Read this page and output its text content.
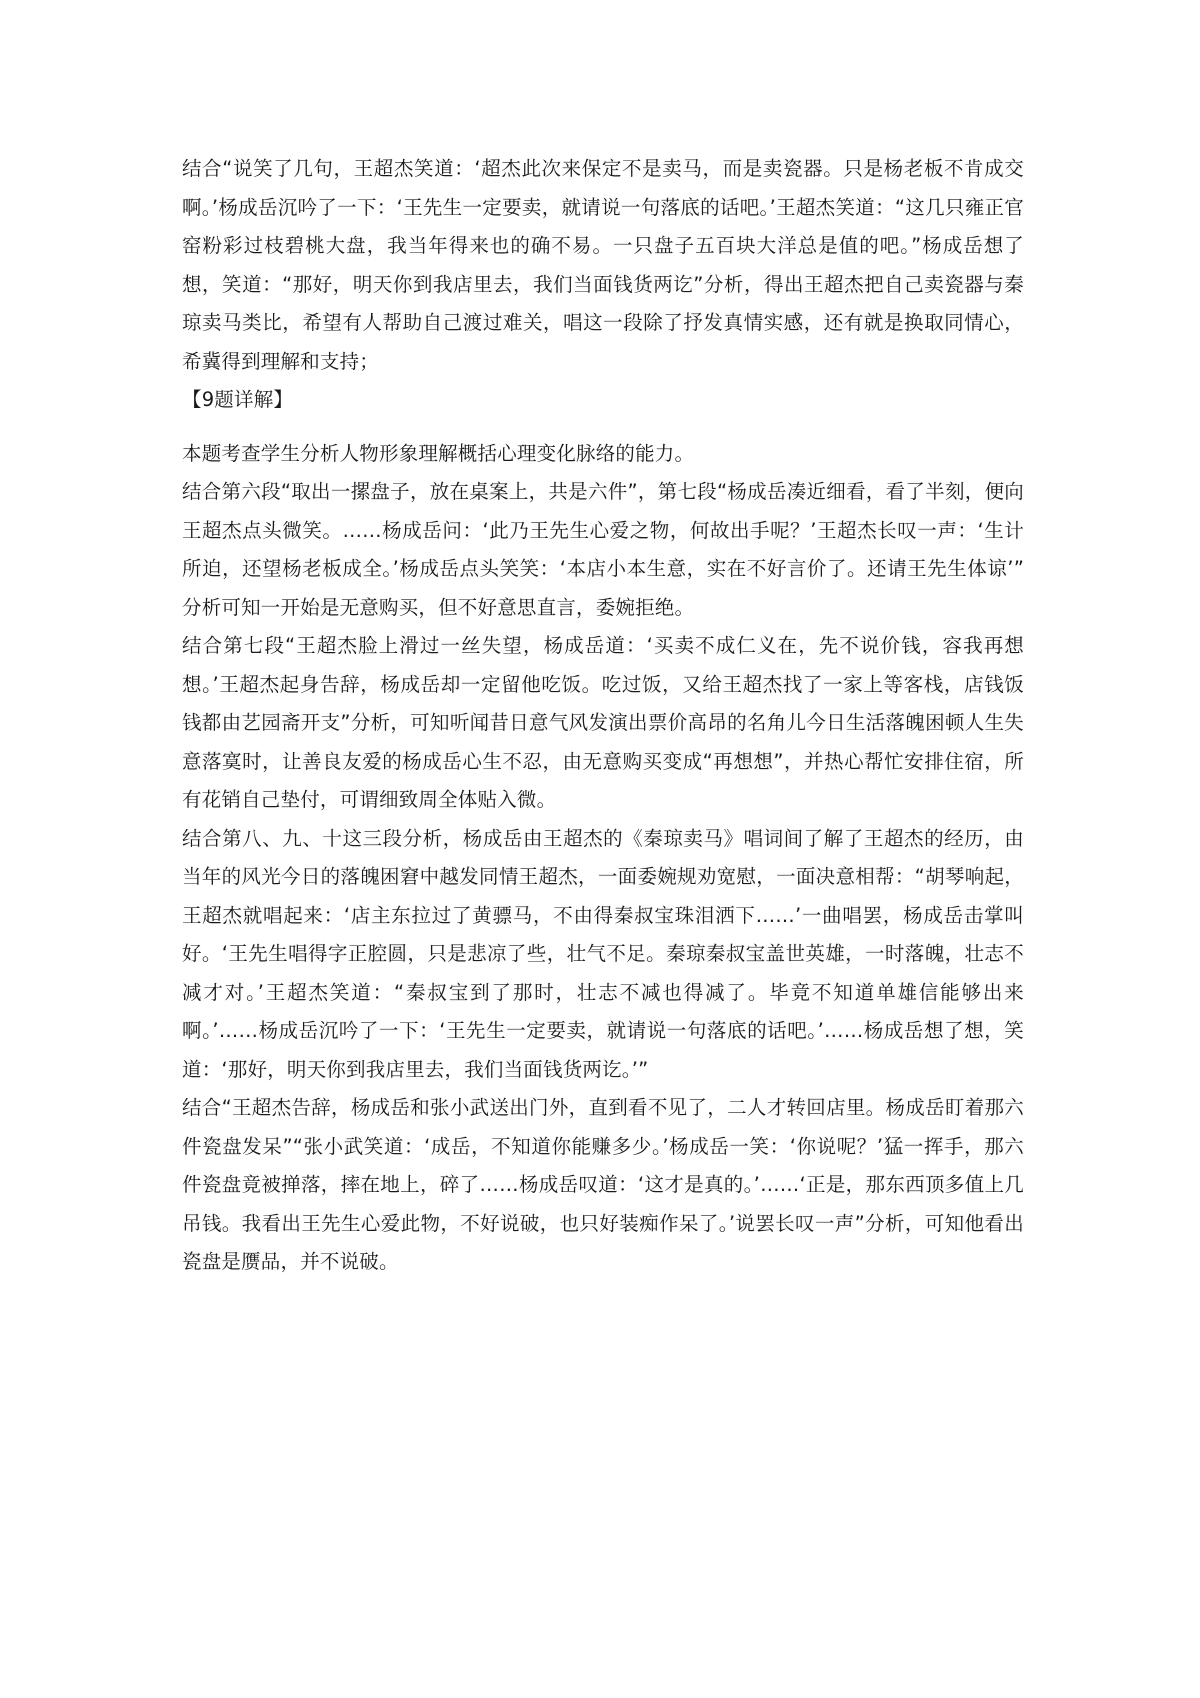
结合“说笑了几句，王超杰笑道：‘超杰此次来保定不是卖马，而是卖瓷器。只是杨老板不肯成交啊。’杨成岳沉吟了一下：‘王先生一定要卖，就请说一句落底的话吧。’王超杰笑道：“这几只雍正官窑粉彩过枝碧桃大盘，我当年得来也的确不易。一只盘子五百块大洋总是值的吧。”杨成岳想了想，笑道：“那好，明天你到我店里去，我们当面钱货两讫”分析，得出王超杰把自己卖瓷器与秦琼卖马类比，希望有人帮助自己渡过难关，唱这一段除了抒发真情实感，还有就是换取同情心，希冀得到理解和支持；

【9题详解】

本题考查学生分析人物形象理解概括心理变化脉络的能力。

结合第六段“取出一摞盘子，放在桌案上，共是六件”，第七段“杨成岳凑近细看，看了半刻，便向王超杰点头微笑。……杨成岳问：‘此乃王先生心爱之物，何故出手呢？’王超杰长叹一声：‘生计所迫，还望杨老板成全。’杨成岳点头笑笑：‘本店小本生意，实在不好言价了。还请王先生体谅’” 分析可知一开始是无意购买，但不好意思直言，委婉拒绝。

结合第七段“王超杰脸上滑过一丝失望，杨成岳道：‘买卖不成仁义在，先不说价钱，容我再想想。’王超杰起身告辞，杨成岳却一定留他吃饭。吃过饭，又给王超杰找了一家上等客栈，店钱饭钱都由艺园斋开支”分析，可知听闻昔日意气风发演出票价高昂的名角儿今日生活落魄困顿人生失意落寞时，让善良友爱的杨成岳心生不忍，由无意购买变成“再想想”，并热心帮忙安排住宿，所有花销自己垫付，可谓细致周全体贴入微。

结合第八、九、十这三段分析，杨成岳由王超杰的《秦琼卖马》唱词间了解了王超杰的经历，由当年的风光今日的落魄困窘中越发同情王超杰，一面委婉规劝宽慰，一面决意相帮：“胡琴响起，王超杰就唱起来：‘店主东拉过了黄骠马，不由得秦叔宝珠泪洒下……’一曲唱罢，杨成岳击掌叫好。‘王先生唱得字正腔圆，只是悲凉了些，壮气不足。秦琼秦叔宝盖世英雄，一时落魄，壮志不减才对。’王超杰笑道：“秦叔宝到了那时，壮志不减也得减了。毕竟不知道单雄信能够出来啊。’……杨成岳沉吟了一下：‘王先生一定要卖，就请说一句落底的话吧。’……杨成岳想了想，笑道：‘那好，明天你到我店里去，我们当面钱货两讫。’”

结合“王超杰告辞，杨成岳和张小武送出门外，直到看不见了，二人才转回店里。杨成岳盯着那六件瓷盘发呆”“张小武笑道：‘成岳，不知道你能赚多少。’杨成岳一笑：‘你说呢？’猛一挥手，那六件瓷盘竟被掸落，摔在地上，碎了……杨成岳叹道：‘这才是真的。’……‘正是，那东西顶多值上几吊钱。我看出王先生心爱此物，不好说破，也只好装痴作呆了。’说罢长叹一声”分析，可知他看出瓷盘是赝品，并不说破。
